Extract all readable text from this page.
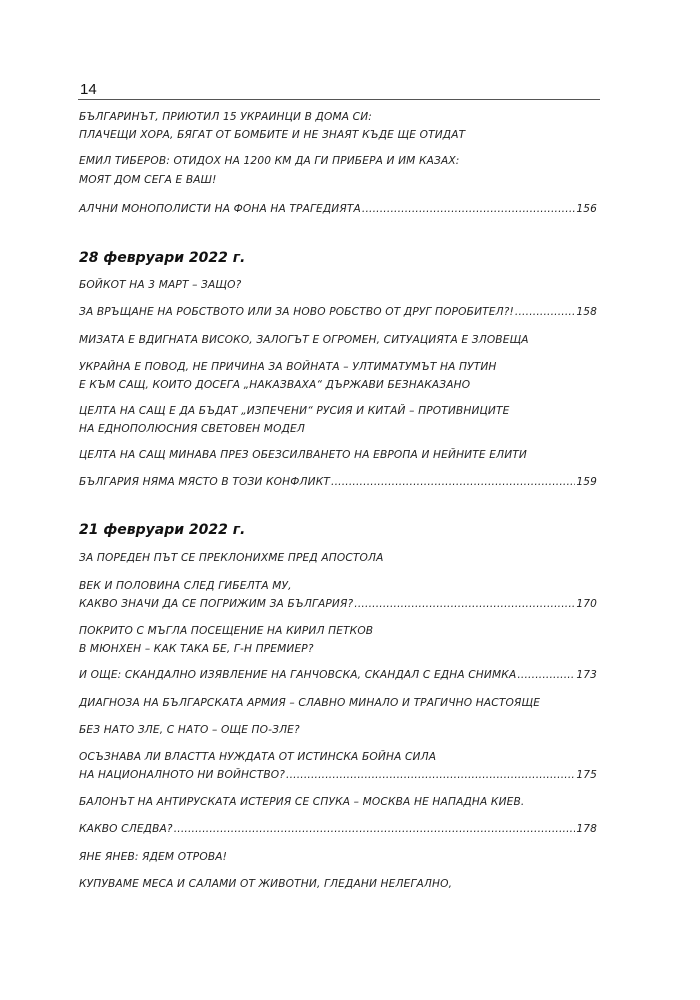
14
БЪЛГАРИНЪТ, ПРИЮТИЛ 15 УКРАИНЦИ В ДОМА СИ:
ПЛАЧЕЩИ ХОРА, БЯГАТ ОТ БОМБИТЕ И НЕ ЗНАЯТ КЪДЕ ЩЕ ОТИДАТ
ЕМИЛ ТИБЕРОВ: ОТИДОХ НА 1200 КМ ДА ГИ ПРИБЕРА И ИМ КАЗАХ:
МОЯТ ДОМ СЕГА Е ВАШ!
АЛЧНИ МОНОПОЛИСТИ НА ФОНА НА ТРАГЕДИЯТА .....	156
28 февруари 2022 г.
БОЙКОТ НА 3 МАРТ – ЗАЩО?
ЗА ВРЪЩАНЕ НА РОБСТВОТО ИЛИ ЗА НОВО РОБСТВО ОТ ДРУГ ПОРОБИТЕЛ?! .....	158
МИЗАТА Е ВДИГНАТА ВИСОКО, ЗАЛОГЪТ Е ОГРОМЕН, СИТУАЦИЯТА Е ЗЛОВЕЩА
УКРАЙНА Е ПОВОД, НЕ ПРИЧИНА ЗА ВОЙНАТА – УЛТИМАТУМЪТ НА ПУТИН
Е КЪМ САЩ, КОИТО ДОСЕГА „НАКАЗВАХА“ ДЪРЖАВИ БЕЗНАКАЗАНО
ЦЕЛТА НА САЩ Е ДА БЪДАТ „ИЗПЕЧЕНИ“ РУСИЯ И КИТАЙ – ПРОТИВНИЦИТЕ
НА ЕДНОПОЛЮСНИЯ СВЕТОВЕН МОДЕЛ
ЦЕЛТА НА САЩ МИНАВА ПРЕЗ ОБЕЗСИЛВАНЕТО НА ЕВРОПА И НЕЙНИТЕ ЕЛИТИ
БЪЛГАРИЯ НЯМА МЯСТО В ТОЗИ КОНФЛИКТ .....	159
21 февруари 2022 г.
ЗА ПОРЕДЕН ПЪТ СЕ ПРЕКЛОНИХМЕ ПРЕД АПОСТОЛА
ВЕК И ПОЛОВИНА СЛЕД ГИБЕЛТА МУ,
КАКВО ЗНАЧИ ДА СЕ ПОГРИЖИМ ЗА БЪЛГАРИЯ? .....	170
ПОКРИТО С МЪГЛА ПОСЕЩЕНИЕ НА КИРИЛ ПЕТКОВ
В МЮНХЕН – КАК ТАКА БЕ, Г-Н ПРЕМИЕР?
И ОЩЕ: СКАНДАЛНО ИЗЯВЛЕНИЕ НА ГАНЧОВСКА, СКАНДАЛ С ЕДНА СНИМКА .....	173
ДИАГНОЗА НА БЪЛГАРСКАТА АРМИЯ – СЛАВНО МИНАЛО И ТРАГИЧНО НАСТОЯЩЕ
БЕЗ НАТО ЗЛЕ, С НАТО – ОЩЕ ПО-ЗЛЕ?
ОСЪЗНАВА ЛИ ВЛАСТТА НУЖДАТА ОТ ИСТИНСКА БОЙНА СИЛА
НА НАЦИОНАЛНОТО НИ ВОЙНСТВО? .....	175
БАЛОНЪТ НА АНТИРУСКАТА ИСТЕРИЯ СЕ СПУКА – МОСКВА НЕ НАПАДНА КИЕВ.
КАКВО СЛЕДВА? .....	178
ЯНЕ ЯНЕВ: ЯДЕМ ОТРОВА!
КУПУВАМЕ МЕСА И САЛАМИ ОТ ЖИВОТНИ, ГЛЕДАНИ НЕЛЕГАЛНО,
